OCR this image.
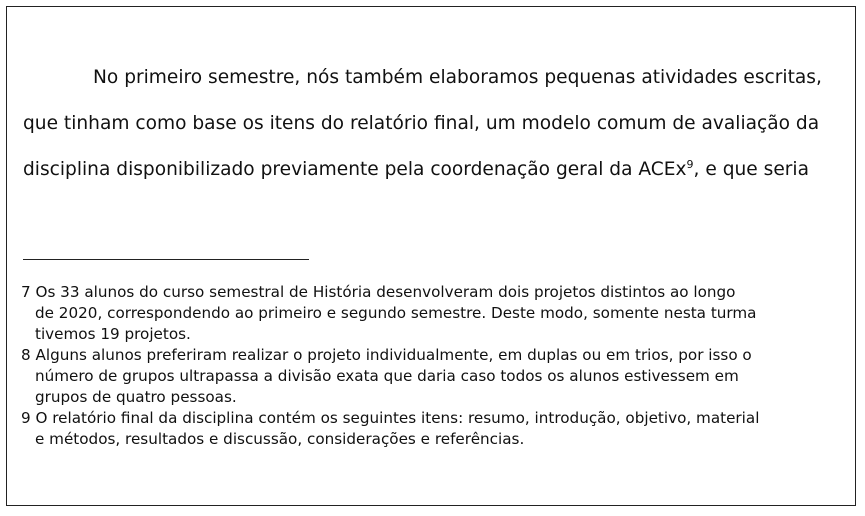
No primeiro semestre, nós também elaboramos pequenas atividades escritas,
que tinham como base os itens do relatório final, um modelo comum de avaliação da
disciplina disponibilizado previamente pela coordenação geral da ACEx$^9$, e que seria

7 Os 33 alunos do curso semestral de História desenvolveram dois projetos distintos ao longo
de 2020, correspondendo ao primeiro e segundo semestre. Deste modo, somente nesta turma
tivemos 19 projetos.

8 Alguns alunos preferiram realizar o projeto individualmente, em duplas ou em trios, por isso o
número de grupos ultrapassa a divisão exata que daria caso todos os alunos estivessem em
grupos de quatro pessoas.

9 O relatório final da disciplina contém os seguintes itens: resumo, introdução, objetivo, material
e métodos, resultados e discussão, considerações e referências.
